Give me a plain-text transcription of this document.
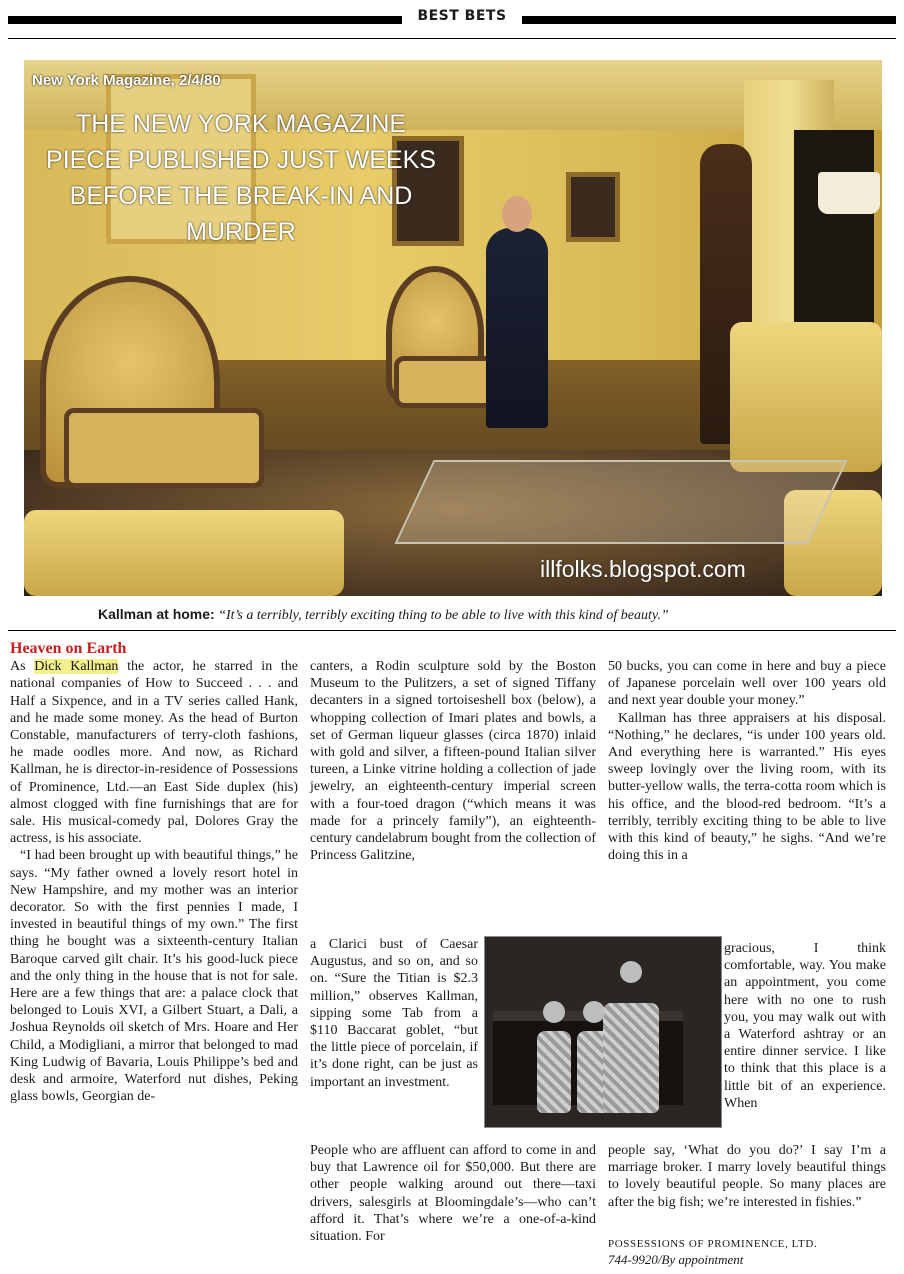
BEST BETS
New York Magazine, 2/4/80
THE NEW YORK MAGAZINE PIECE PUBLISHED JUST WEEKS BEFORE THE BREAK-IN AND MURDER
illfolks.blogspot.com
Kallman at home: “It’s a terribly, terribly exciting thing to be able to live with this kind of beauty.”
Heaven on Earth

As Dick Kallman the actor, he starred in the national companies of How to Succeed . . . and Half a Sixpence, and in a TV series called Hank, and he made some money. As the head of Burton Constable, manufacturers of terry-cloth fashions, he made oodles more. And now, as Richard Kallman, he is director-in-residence of Possessions of Prominence, Ltd.—an East Side duplex (his) almost clogged with fine furnishings that are for sale. His musical-comedy pal, Dolores Gray the actress, is his associate.

“I had been brought up with beautiful things,” he says. “My father owned a lovely resort hotel in New Hampshire, and my mother was an interior decorator. So with the first pennies I made, I invested in beautiful things of my own.” The first thing he bought was a sixteenth-century Italian Baroque carved gilt chair. It’s his good-luck piece and the only thing in the house that is not for sale. Here are a few things that are: a palace clock that belonged to Louis XVI, a Gilbert Stuart, a Dali, a Joshua Reynolds oil sketch of Mrs. Hoare and Her Child, a Modigliani, a mirror that belonged to mad King Ludwig of Bavaria, Louis Philippe’s bed and desk and armoire, Waterford nut dishes, Peking glass bowls, Georgian de-

canters, a Rodin sculpture sold by the Boston Museum to the Pulitzers, a set of signed Tiffany decanters in a signed tortoiseshell box (below), a whopping collection of Imari plates and bowls, a set of German liqueur glasses (circa 1870) inlaid with gold and silver, a fifteen-pound Italian silver tureen, a Linke vitrine holding a collection of jade jewelry, an eighteenth-century imperial screen with a four-toed dragon (“which means it was made for a princely family”), an eighteenth-century candelabrum bought from the collection of Princess Galitzine,

a Clarici bust of Caesar Augustus, and so on, and so on. “Sure the Titian is $2.3 million,” observes Kallman, sipping some Tab from a $110 Baccarat goblet, “but the little piece of porcelain, if it’s done right, can be just as important an investment.
People who are affluent can afford to come in and buy that Lawrence oil for $50,000. But there are other people walking around out there—taxi drivers, salesgirls at Bloomingdale’s—who can’t afford it. That’s where we’re a one-of-a-kind situation. For

50 bucks, you can come in here and buy a piece of Japanese porcelain well over 100 years old and next year double your money.”

Kallman has three appraisers at his disposal. “Nothing,” he declares, “is under 100 years old. And everything here is warranted.” His eyes sweep lovingly over the living room, with its butter-yellow walls, the terra-cotta room which is his office, and the blood-red bedroom. “It’s a terribly, terribly exciting thing to be able to live with this kind of beauty,” he sighs. “And we’re doing this in a

gracious, I think comfortable, way. You make an appointment, you come here with no one to rush you, you may walk out with a Waterford ashtray or an entire dinner service. I like to think that this place is a little bit of an experience. When
people say, ‘What do you do?’ I say I’m a marriage broker. I marry lovely beautiful things to lovely beautiful people. So many places are after the big fish; we’re interested in fishies.”
POSSESSIONS OF PROMINENCE, LTD.
744-9920/By appointment
